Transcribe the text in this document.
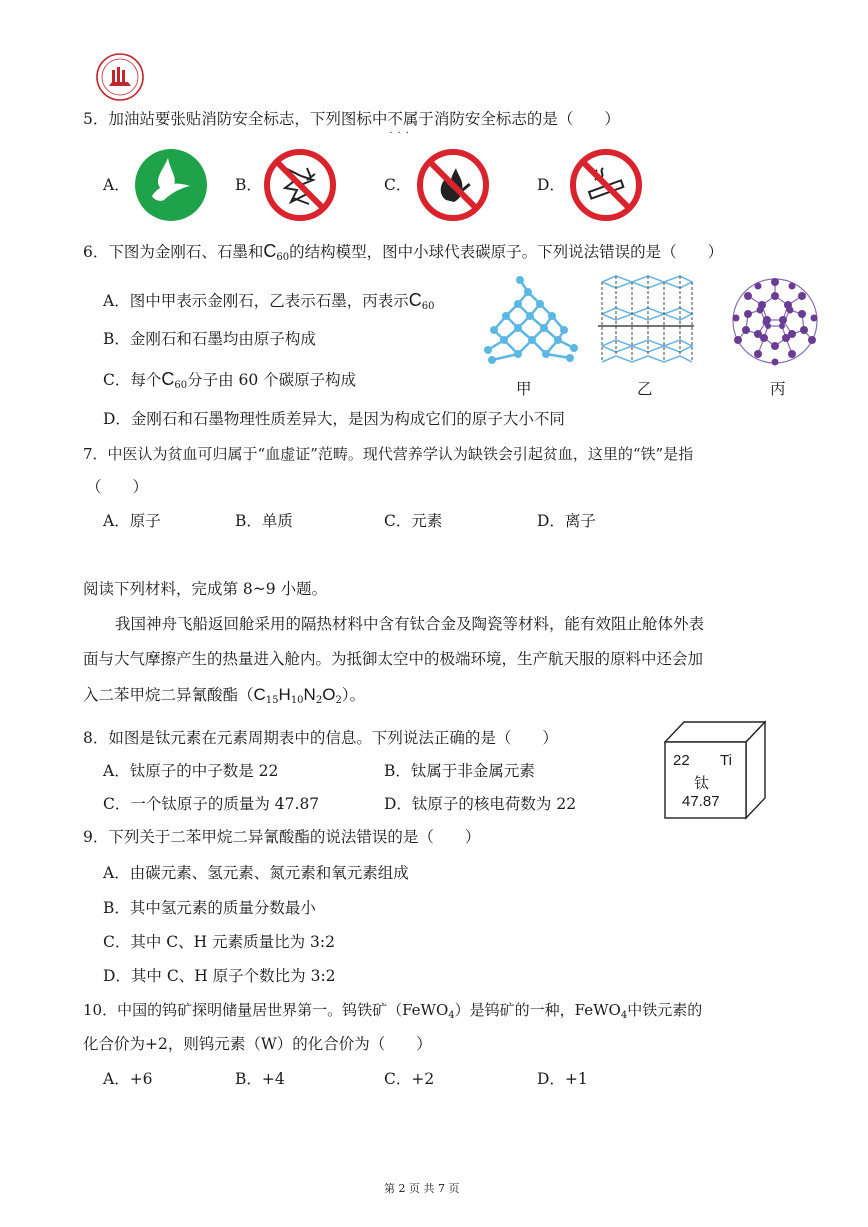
5．加油站要张贴消防安全标志，下列图标中不属于 ···消防安全标志的是（　　）
A．	B．	C．	D．
6．下图为金刚石、石墨和$C_{60}$的结构模型，图中小球代表碳原子。下列说法错误的是（　　）
A．图中甲表示金刚石，乙表示石墨，丙表示$C_{60}$
B．金刚石和石墨均由原子构成
C．每个$C_{60}$分子由 60 个碳原子构成
D．金刚石和石墨物理性质差异大，是因为构成它们的原子大小不同
甲	乙	丙
7．中医认为贫血可归属于“血虚证”范畴。现代营养学认为缺铁会引起贫血，这里的“铁”是指
（　　）
A．原子	B．单质	C．元素	D．离子
阅读下列材料，完成第 8~9 小题。
我国神舟飞船返回舱采用的隔热材料中含有钛合金及陶瓷等材料，能有效阻止舱体外表
面与大气摩擦产生的热量进入舱内。为抵御太空中的极端环境，生产航天服的原料中还会加
入二苯甲烷二异氰酸酯$(C_{15}H_{10}N_2O_2)$。
8．如图是钛元素在元素周期表中的信息。下列说法正确的是（　　）
A．钛原子的中子数是 22	B．钛属于非金属元素
C．一个钛原子的质量为 47.87	D．钛原子的核电荷数为 22
22 Ti
钛
47.87
9．下列关于二苯甲烷二异氰酸酯的说法错误的是（　　）
A．由碳元素、氢元素、氮元素和氧元素组成
B．其中氢元素的质量分数最小
C．其中 C、H 元素质量比为 3:2
D．其中 C、H 原子个数比为 3:2
10．中国的钨矿探明储量居世界第一。钨铁矿（FeWO$_4$）是钨矿的一种，FeWO$_4$中铁元素的
化合价为+2，则钨元素（W）的化合价为（　　）
A．+6	B．+4	C．+2	D．+1
第 2 页 共 7 页
